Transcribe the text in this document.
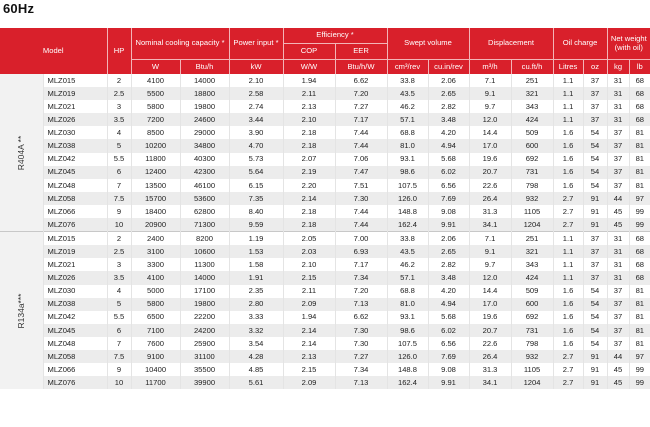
60Hz
Model		HP	Nominal cooling capacity *		Power input *	Efficiency *		Swept volume		Displacement		Oil charge		Net weight (with oil)	
						COP	EER								
			W	Btu/h	kW	W/W	Btu/h/W	cm³/rev	cu.in/rev	m³/h	cu.ft/h	Litres	oz	kg	lb

R404A **	MLZ015	2	4100	14000	2.10	1.94	6.62	33.8	2.06	7.1	251	1.1	37	31	68
	MLZ019	2.5	5500	18800	2.58	2.11	7.20	43.5	2.65	9.1	321	1.1	37	31	68
	MLZ021	3	5800	19800	2.74	2.13	7.27	46.2	2.82	9.7	343	1.1	37	31	68
	MLZ026	3.5	7200	24600	3.44	2.10	7.17	57.1	3.48	12.0	424	1.1	37	31	68
	MLZ030	4	8500	29000	3.90	2.18	7.44	68.8	4.20	14.4	509	1.6	54	37	81
	MLZ038	5	10200	34800	4.70	2.18	7.44	81.0	4.94	17.0	600	1.6	54	37	81
	MLZ042	5.5	11800	40300	5.73	2.07	7.06	93.1	5.68	19.6	692	1.6	54	37	81
	MLZ045	6	12400	42300	5.64	2.19	7.47	98.6	6.02	20.7	731	1.6	54	37	81
	MLZ048	7	13500	46100	6.15	2.20	7.51	107.5	6.56	22.6	798	1.6	54	37	81
	MLZ058	7.5	15700	53600	7.35	2.14	7.30	126.0	7.69	26.4	932	2.7	91	44	97
	MLZ066	9	18400	62800	8.40	2.18	7.44	148.8	9.08	31.3	1105	2.7	91	45	99
	MLZ076	10	20900	71300	9.59	2.18	7.44	162.4	9.91	34.1	1204	2.7	91	45	99

R134a***	MLZ015	2	2400	8200	1.19	2.05	7.00	33.8	2.06	7.1	251	1.1	37	31	68
	MLZ019	2.5	3100	10600	1.53	2.03	6.93	43.5	2.65	9.1	321	1.1	37	31	68
	MLZ021	3	3300	11300	1.58	2.10	7.17	46.2	2.82	9.7	343	1.1	37	31	68
	MLZ026	3.5	4100	14000	1.91	2.15	7.34	57.1	3.48	12.0	424	1.1	37	31	68
	MLZ030	4	5000	17100	2.35	2.11	7.20	68.8	4.20	14.4	509	1.6	54	37	81
	MLZ038	5	5800	19800	2.80	2.09	7.13	81.0	4.94	17.0	600	1.6	54	37	81
	MLZ042	5.5	6500	22200	3.33	1.94	6.62	93.1	5.68	19.6	692	1.6	54	37	81
	MLZ045	6	7100	24200	3.32	2.14	7.30	98.6	6.02	20.7	731	1.6	54	37	81
	MLZ048	7	7600	25900	3.54	2.14	7.30	107.5	6.56	22.6	798	1.6	54	37	81
	MLZ058	7.5	9100	31100	4.28	2.13	7.27	126.0	7.69	26.4	932	2.7	91	44	97
	MLZ066	9	10400	35500	4.85	2.15	7.34	148.8	9.08	31.3	1105	2.7	91	45	99
	MLZ076	10	11700	39900	5.61	2.09	7.13	162.4	9.91	34.1	1204	2.7	91	45	99
